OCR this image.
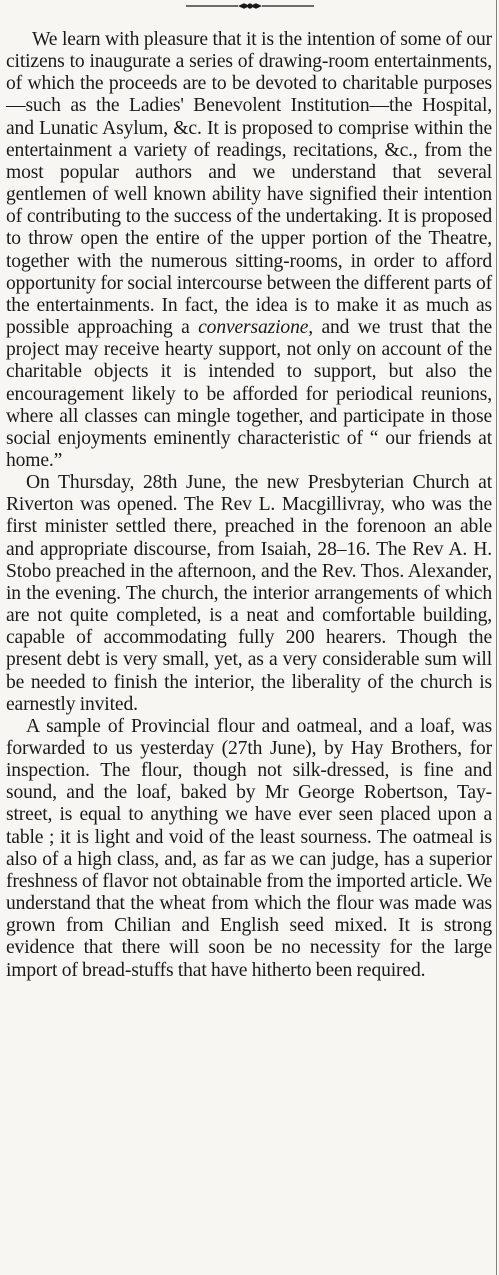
We learn with pleasure that it is the intention of some of our citizens to inaugurate a series of drawing-room entertainments, of which the proceeds are to be devoted to charitable purposes—such as the Ladies' Benevolent Institution—the Hospital, and Lunatic Asylum, &c. It is proposed to comprise within the entertainment a variety of readings, recitations, &c., from the most popular authors and we understand that several gentlemen of well known ability have signified their intention of contributing to the success of the undertaking. It is proposed to throw open the entire of the upper portion of the Theatre, together with the numerous sitting-rooms, in order to afford opportunity for social intercourse between the different parts of the entertainments. In fact, the idea is to make it as much as possible approaching a conversazione, and we trust that the project may receive hearty support, not only on account of the charitable objects it is intended to support, but also the encouragement likely to be afforded for periodical reunions, where all classes can mingle together, and participate in those social enjoyments eminently characteristic of “ our friends at home.”

On Thursday, 28th June, the new Presbyterian Church at Riverton was opened. The Rev L. Macgillivray, who was the first minister settled there, preached in the forenoon an able and appropriate discourse, from Isaiah, 28–16. The Rev A. H. Stobo preached in the afternoon, and the Rev. Thos. Alexander, in the evening. The church, the interior arrangements of which are not quite completed, is a neat and comfortable building, capable of accommodating fully 200 hearers. Though the present debt is very small, yet, as a very considerable sum will be needed to finish the interior, the liberality of the church is earnestly invited.

A sample of Provincial flour and oatmeal, and a loaf, was forwarded to us yesterday (27th June), by Hay Brothers, for inspection. The flour, though not silk-dressed, is fine and sound, and the loaf, baked by Mr George Robertson, Tay-street, is equal to anything we have ever seen placed upon a table ; it is light and void of the least sourness. The oatmeal is also of a high class, and, as far as we can judge, has a superior freshness of flavor not obtainable from the imported article. We understand that the wheat from which the flour was made was grown from Chilian and English seed mixed. It is strong evidence that there will soon be no necessity for the large import of bread-stuffs that have hitherto been required.
